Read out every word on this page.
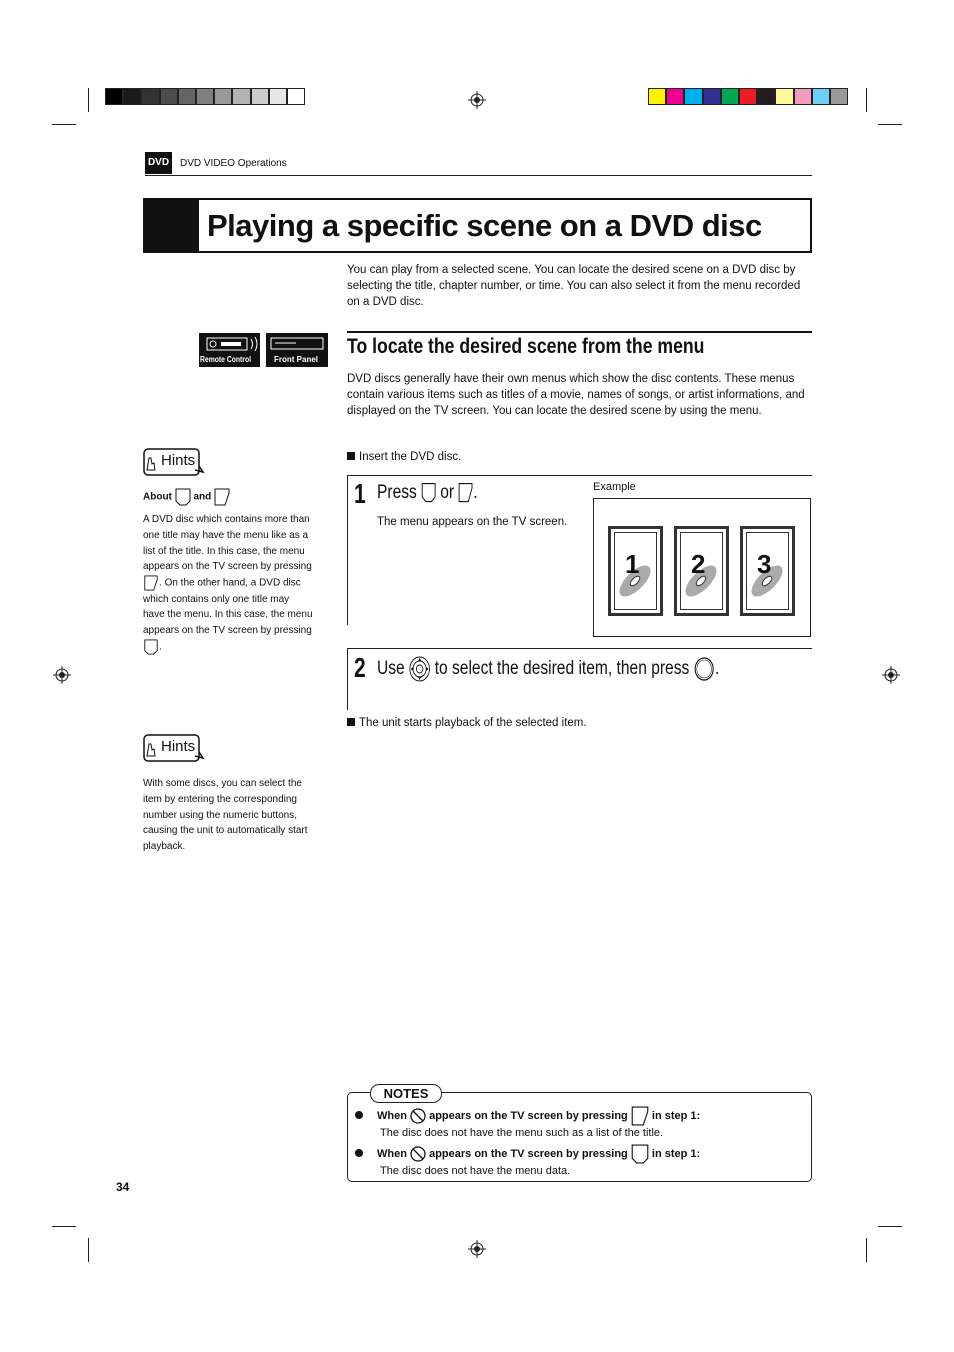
DVD DVD VIDEO Operations
Playing a specific scene on a DVD disc
You can play from a selected scene. You can locate the desired scene on a DVD disc by selecting the title, chapter number, or time. You can also select it from the menu recorded on a DVD disc.
Remote Control	Front Panel
To locate the desired scene from the menu
DVD discs generally have their own menus which show the disc contents. These menus contain various items such as titles of a movie, names of songs, or artist informations, and displayed on the TV screen. You can locate the desired scene by using the menu.
Insert the DVD disc.
Hints
About and
A DVD disc which contains more than one title may have the menu like as a list of the title. In this case, the menu appears on the TV screen by pressing . On the other hand, a DVD disc which contains only one title may have the menu. In this case, the menu appears on the TV screen by pressing .
Hints
With some discs, you can select the item by entering the corresponding number using the numeric buttons, causing the unit to automatically start playback.
1 Press or .
The menu appears on the TV screen.
Example
1 2 3
2 Use to select the desired item, then press .
The unit starts playback of the selected item.
NOTES
When appears on the TV screen by pressing in step 1:
The disc does not have the menu such as a list of the title.
When appears on the TV screen by pressing in step 1:
The disc does not have the menu data.
34
